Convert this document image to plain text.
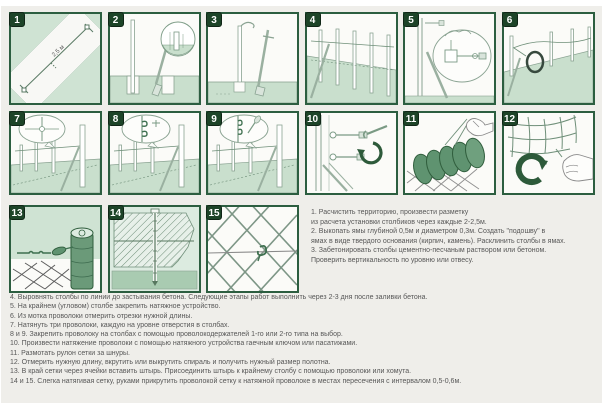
1
2,5 м
2	3	4	5	6
7	8	9	10	11	12
13	14	15	1. Расчистить территорию, произвести разметку
из расчета установки столбиков через каждые 2-2,5м.
2. Выкопать ямы глубиной 0,5м и диаметром 0,3м. Создать "подошву" в
ямах в виде твердого основания (кирпич, камень). Расклинить столбы в ямах.
3. Забетонировать столбы цементно-песчаным раствором или бетоном.
Проверить вертикальность по уровню или отвесу.
4. Выровнять столбы по линии до застывания бетона. Следующие этапы работ выполнить через 2-3 дня после заливки бетона.
5. На крайнем (угловом) столбе закрепить натяжное устройство.
6. Из мотка проволоки отмерить отрезки нужной длины.
7. Натянуть три проволоки, каждую на уровне отверстия в столбах.
8 и 9. Закрепить проволоку на столбах с помощью проволокодержателей 1-го или 2-го типа на выбор.
10. Произвести натяжение проволоки с помощью натяжного устройства гаечным ключом или пасатижами.
11. Размотать рулон сетки за шнуры.
12. Отмерить нужную длину, вкрутить или выкрутить спираль и получить нужный размер полотна.
13. В край сетки через ячейки вставить штырь. Присоединить штырь к крайнему столбу с помощью проволоки или хомута.
14 и 15. Слегка натягивая сетку, руками прикрутить проволокой сетку к натяжной проволоке в местах пересечения с интервалом 0,5-0,6м.
